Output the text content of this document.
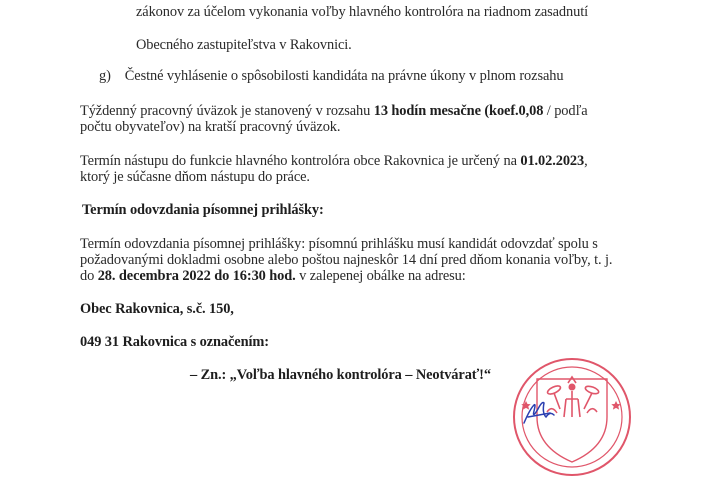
zákonov za účelom vykonania voľby hlavného kontrolóra na riadnom zasadnutí
Obecného zastupiteľstva v Rakovnici.
g) Čestné vyhlásenie o spôsobilosti kandidáta na právne úkony v plnom rozsahu
Týždenný pracovný úväzok je stanovený v rozsahu 13 hodín mesačne (koef.0,08 / podľa
počtu obyvateľov) na kratší pracovný úväzok.
Termín nástupu do funkcie hlavného kontrolóra obce Rakovnica je určený na 01.02.2023,
ktorý je súčasne dňom nástupu do práce.
Termín odovzdania písomnej prihlášky:
Termín odovzdania písomnej prihlášky: písomnú prihlášku musí kandidát odovzdať spolu s
požadovanými dokladmi osobne alebo poštou najneskôr 14 dní pred dňom konania voľby, t. j.
do 28. decembra 2022 do 16:30 hod. v zalepenej obálke na adresu:
Obec Rakovnica, s.č. 150,
049 31 Rakovnica s označením:
– Zn.: „Voľba hlavného kontrolóra – Neotvárať!“
